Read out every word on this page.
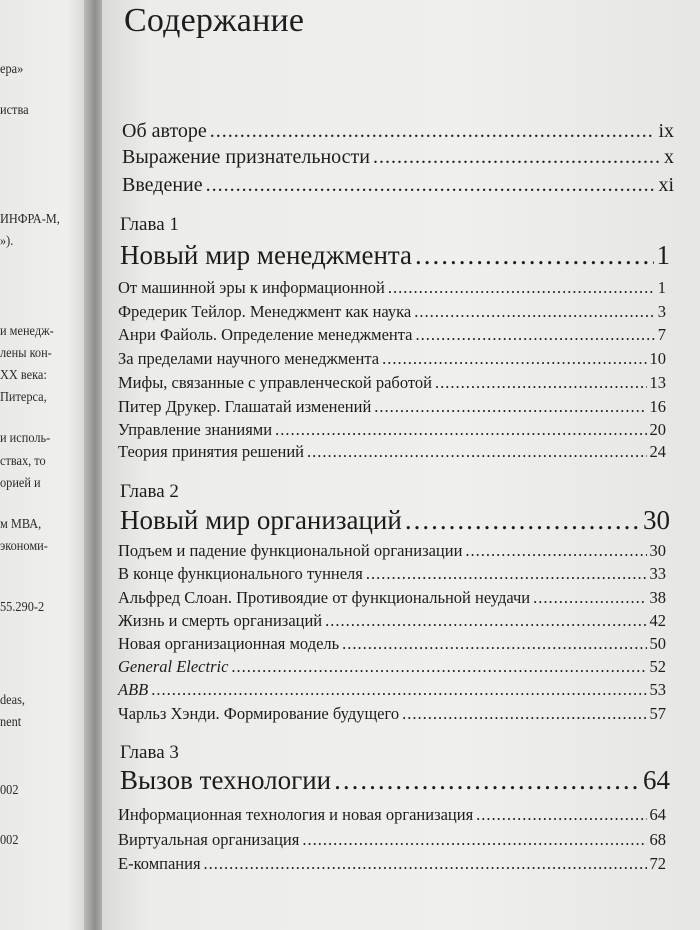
ера»
иства
ИНФРА-М,
»).
и менедж-
лены кон-
XX века:
Питерса,
и исполь-
ствах, то
орией и
м МВА,
экономи-
55.290-2
deas,
nent
002
002
Содержание
Об авторе .....	ix
Выражение признательности .....	x
Введение .....	xi
Глава 1
Новый мир менеджмента .....	1
От машинной эры к информационной .....	1
Фредерик Тейлор. Менеджмент как наука .....	3
Анри Файоль. Определение менеджмента .....	7
За пределами научного менеджмента .....	10
Мифы, связанные с управленческой работой .....	13
Питер Друкер. Глашатай изменений .....	16
Управление знаниями .....	20
Теория принятия решений .....	24
Глава 2
Новый мир организаций .....	30
Подъем и падение функциональной организации .....	30
В конце функционального туннеля .....	33
Альфред Слоан. Противоядие от функциональной неудачи .....	38
Жизнь и смерть организаций .....	42
Новая организационная модель .....	50
General Electric .....	52
ABB .....	53
Чарльз Хэнди. Формирование будущего .....	57
Глава 3
Вызов технологии .....	64
Информационная технология и новая организация .....	64
Виртуальная организация .....	68
E-компания .....	72
